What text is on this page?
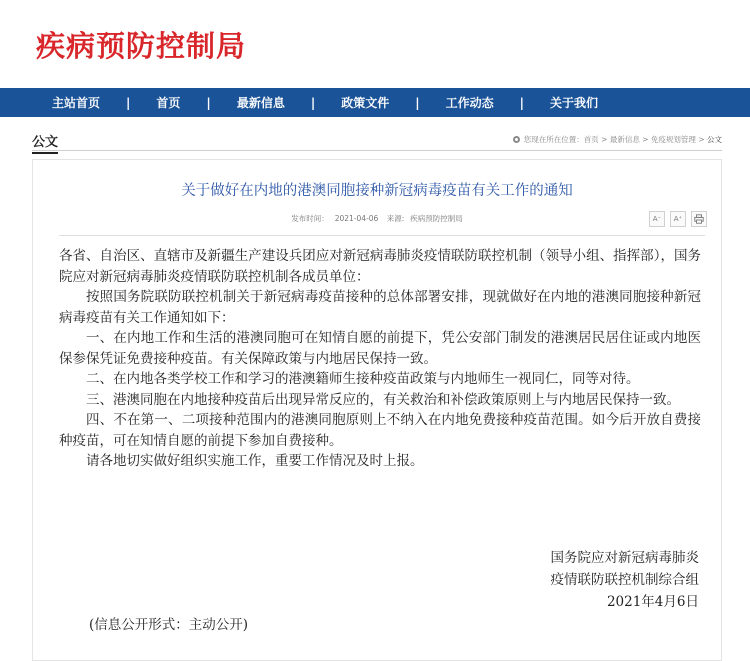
疾病预防控制局
主站首页 | 首页 | 最新信息 | 政策文件 | 工作动态 | 关于我们
公文	您现在所在位置： 首页
>
最新信息
>
免疫规划管理
>
公文
关于做好在内地的港澳同胞接种新冠病毒疫苗有关工作的通知
发布时间： 2021-04-06 来源: 疾病预防控制局	A⁻	A⁺

各省、自治区、直辖市及新疆生产建设兵团应对新冠病毒肺炎疫情联防联控机制（领导小组、指挥部），国务院应对新冠病毒肺炎疫情联防联控机制各成员单位：

按照国务院联防联控机制关于新冠病毒疫苗接种的总体部署安排，现就做好在内地的港澳同胞接种新冠病毒疫苗有关工作通知如下：

一、在内地工作和生活的港澳同胞可在知情自愿的前提下，凭公安部门制发的港澳居民居住证或内地医保参保凭证免费接种疫苗。有关保障政策与内地居民保持一致。

二、在内地各类学校工作和学习的港澳籍师生接种疫苗政策与内地师生一视同仁，同等对待。

三、港澳同胞在内地接种疫苗后出现异常反应的，有关救治和补偿政策原则上与内地居民保持一致。

四、不在第一、二项接种范围内的港澳同胞原则上不纳入在内地免费接种疫苗范围。如今后开放自费接种疫苗，可在知情自愿的前提下参加自费接种。

请各地切实做好组织实施工作，重要工作情况及时上报。

国务院应对新冠病毒肺炎
疫情联防联控机制综合组
2021年4月6日
(信息公开形式：主动公开)
